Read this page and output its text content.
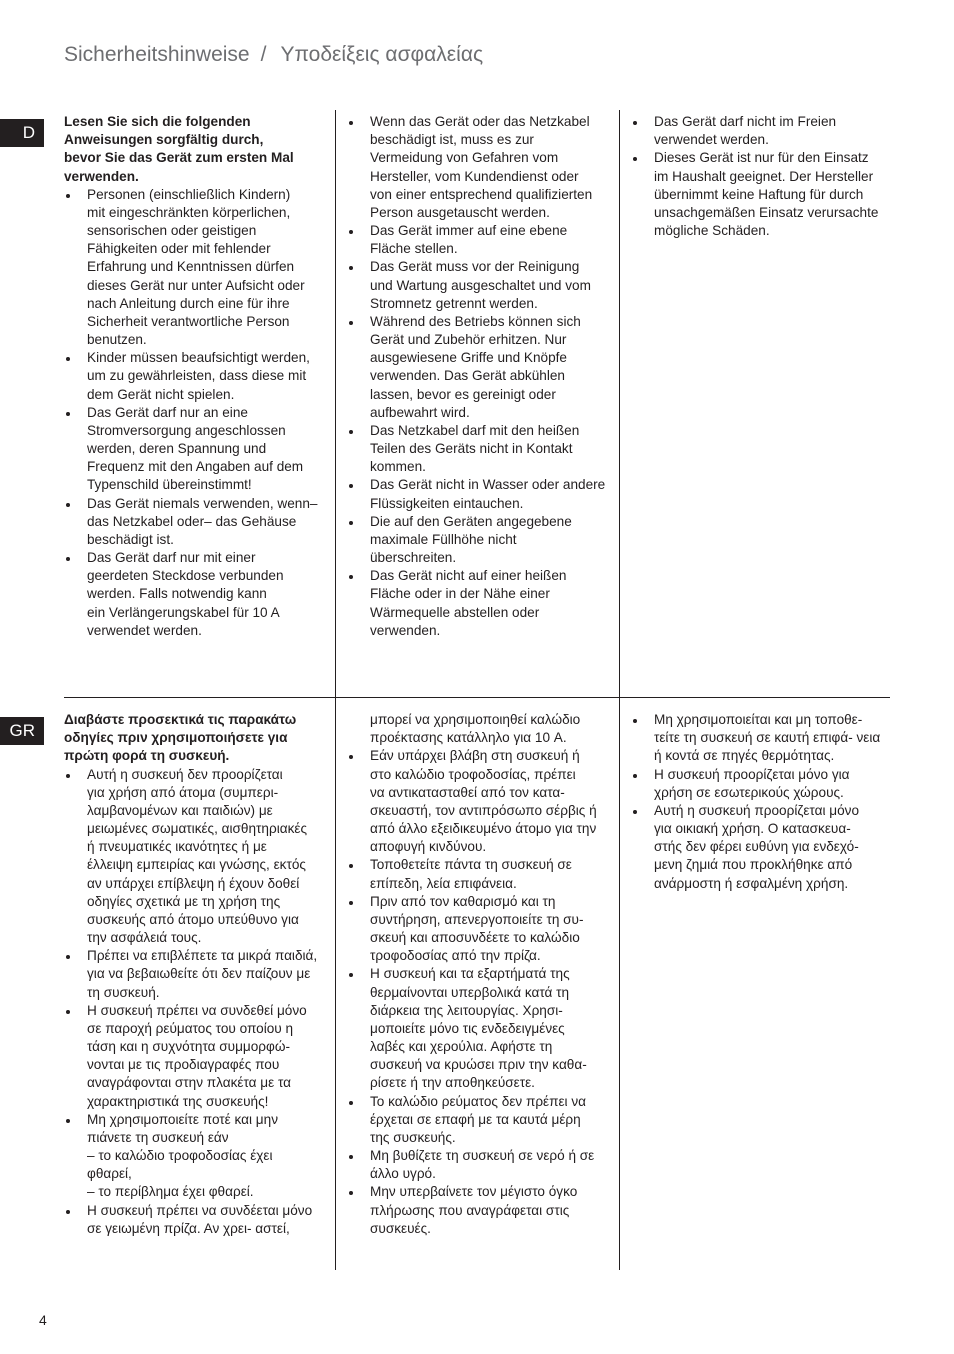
Sicherheitshinweise / Υποδείξεις ασφαλείας
D
Lesen Sie sich die folgenden
Anweisungen sorgfältig durch,
bevor Sie das Gerät zum ersten Mal
verwenden.
Personen (einschließlich Kindern)
mit eingeschränkten körperlichen,
sensorischen oder geistigen
Fähigkeiten oder mit fehlender
Erfahrung und Kenntnissen dürfen
dieses Gerät nur unter Aufsicht oder
nach Anleitung durch eine für ihre
Sicherheit verantwortliche Person
benutzen.
Kinder müssen beaufsichtigt werden,
um zu gewährleisten, dass diese mit
dem Gerät nicht spielen.
Das Gerät darf nur an eine
Stromversorgung angeschlossen
werden, deren Spannung und
Frequenz mit den Angaben auf dem
Typenschild übereinstimmt!
Das Gerät niemals verwenden, wenn–
das Netzkabel oder– das Gehäuse
beschädigt ist.
Das Gerät darf nur mit einer
geerdeten Steckdose verbunden
werden. Falls notwendig kann
ein Verlängerungskabel für 10 A
verwendet werden.
Wenn das Gerät oder das Netzkabel
beschädigt ist, muss es zur
Vermeidung von Gefahren vom
Hersteller, vom Kundendienst oder
von einer entsprechend qualifizierten
Person ausgetauscht werden.
Das Gerät immer auf eine ebene
Fläche stellen.
Das Gerät muss vor der Reinigung
und Wartung ausgeschaltet und vom
Stromnetz getrennt werden.
Während des Betriebs können sich
Gerät und Zubehör erhitzen. Nur
ausgewiesene Griffe und Knöpfe
verwenden. Das Gerät abkühlen
lassen, bevor es gereinigt oder
aufbewahrt wird.
Das Netzkabel darf mit den heißen
Teilen des Geräts nicht in Kontakt
kommen.
Das Gerät nicht in Wasser oder andere
Flüssigkeiten eintauchen.
Die auf den Geräten angegebene
maximale Füllhöhe nicht
überschreiten.
Das Gerät nicht auf einer heißen
Fläche oder in der Nähe einer
Wärmequelle abstellen oder
verwenden.
Das Gerät darf nicht im Freien
verwendet werden.
Dieses Gerät ist nur für den Einsatz
im Haushalt geeignet. Der Hersteller
übernimmt keine Haftung für durch
unsachgemäßen Einsatz verursachte
mögliche Schäden.
GR
Διαβάστε προσεκτικά τις παρακάτω
οδηγίες πριν χρησιμοποιήσετε για
πρώτη φορά τη συσκευή.
Αυτή η συσκευή δεν προορίζεται
για χρήση από άτομα (συμπερι-
λαμβανομένων και παιδιών) με
μειωμένες σωματικές, αισθητηριακές
ή πνευματικές ικανότητες ή με
έλλειψη εμπειρίας και γνώσης, εκτός
αν υπάρχει επίβλεψη ή έχουν δοθεί
οδηγίες σχετικά με τη χρήση της
συσκευής από άτομο υπεύθυνο για
την ασφάλειά τους.
Πρέπει να επιβλέπετε τα μικρά παιδιά,
για να βεβαιωθείτε ότι δεν παίζουν με
τη συσκευή.
Η συσκευή πρέπει να συνδεθεί μόνο
σε παροχή ρεύματος του οποίου η
τάση και η συχνότητα συμμορφώ-
νονται με τις προδιαγραφές που
αναγράφονται στην πλακέτα με τα
χαρακτηριστικά της συσκευής!
Μη χρησιμοποιείτε ποτέ και μην
πιάνετε τη συσκευή εάν
– το καλώδιο τροφοδοσίας έχει
φθαρεί,
– το περίβλημα έχει φθαρεί.
Η συσκευή πρέπει να συνδέεται μόνο
σε γειωμένη πρίζα. Αν χρει- αστεί,
μπορεί να χρησιμοποιηθεί καλώδιο
προέκτασης κατάλληλο για 10 A.
Εάν υπάρχει βλάβη στη συσκευή ή
στο καλώδιο τροφοδοσίας, πρέπει
να αντικατασταθεί από τον κατα-
σκευαστή, τον αντιπρόσωπο σέρβις ή
από άλλο εξειδικευμένο άτομο για την
αποφυγή κινδύνου.
Τοποθετείτε πάντα τη συσκευή σε
επίπεδη, λεία επιφάνεια.
Πριν από τον καθαρισμό και τη
συντήρηση, απενεργοποιείτε τη συ-
σκευή και αποσυνδέετε το καλώδιο
τροφοδοσίας από την πρίζα.
Η συσκευή και τα εξαρτήματά της
θερμαίνονται υπερβολικά κατά τη
διάρκεια της λειτουργίας. Χρησι-
μοποιείτε μόνο τις ενδεδειγμένες
λαβές και χερούλια. Αφήστε τη
συσκευή να κρυώσει πριν την καθα-
ρίσετε ή την αποθηκεύσετε.
Το καλώδιο ρεύματος δεν πρέπει να
έρχεται σε επαφή με τα καυτά μέρη
της συσκευής.
Μη βυθίζετε τη συσκευή σε νερό ή σε
άλλο υγρό.
Μην υπερβαίνετε τον μέγιστο όγκο
πλήρωσης που αναγράφεται στις
συσκευές.
Μη χρησιμοποιείται και μη τοποθε-
τείτε τη συσκευή σε καυτή επιφά- νεια
ή κοντά σε πηγές θερμότητας.
Η συσκευή προορίζεται μόνο για
χρήση σε εσωτερικούς χώρους.
Αυτή η συσκευή προορίζεται μόνο
για οικιακή χρήση. Ο κατασκευα-
στής δεν φέρει ευθύνη για ενδεχό-
μενη ζημιά που προκλήθηκε από
ανάρμοστη ή εσφαλμένη χρήση.
4
